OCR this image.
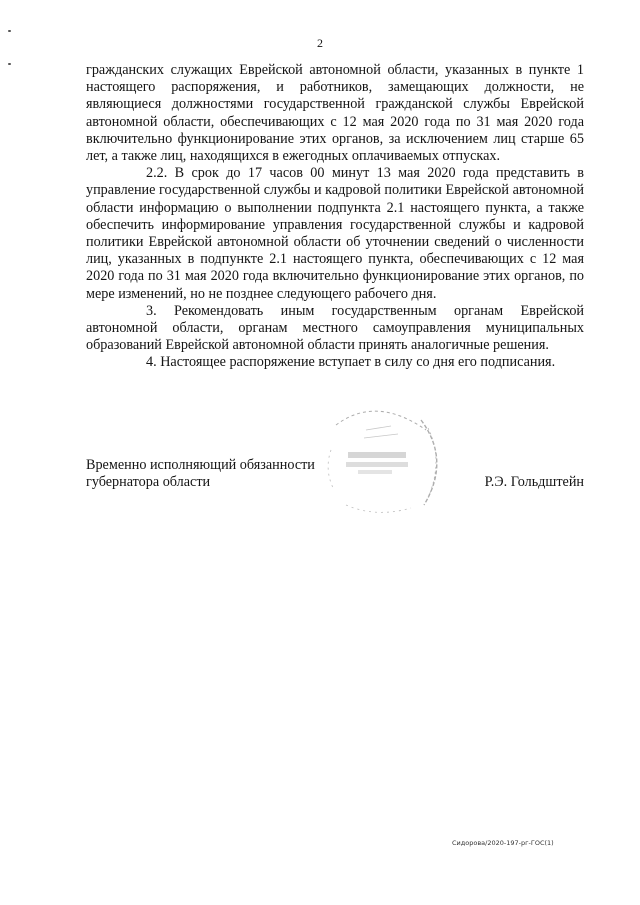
2

гражданских служащих Еврейской автономной области, указанных в пункте 1 настоящего распоряжения, и работников, замещающих должности, не являющиеся должностями государственной гражданской службы Еврейской автономной области, обеспечивающих с 12 мая 2020 года по 31 мая 2020 года включительно функционирование этих органов, за исключением лиц старше 65 лет, а также лиц, находящихся в ежегодных оплачиваемых отпусках.

2.2. В срок до 17 часов 00 минут 13 мая 2020 года представить в управление государственной службы и кадровой политики Еврейской автономной области информацию о выполнении подпункта 2.1 настоящего пункта, а также обеспечить информирование управления государственной службы и кадровой политики Еврейской автономной области об уточнении сведений о численности лиц, указанных в подпункте 2.1 настоящего пункта, обеспечивающих с 12 мая 2020 года по 31 мая 2020 года включительно функционирование этих органов, по мере изменений, но не позднее следующего рабочего дня.

3. Рекомендовать иным государственным органам Еврейской автономной области, органам местного самоуправления муниципальных образований Еврейской автономной области принять аналогичные решения.

4. Настоящее распоряжение вступает в силу со дня его подписания.

Временно исполняющий обязанности
губернатора области	Р.Э. Гольдштейн
Сидорова/2020-197-рг-ГОС(1)
